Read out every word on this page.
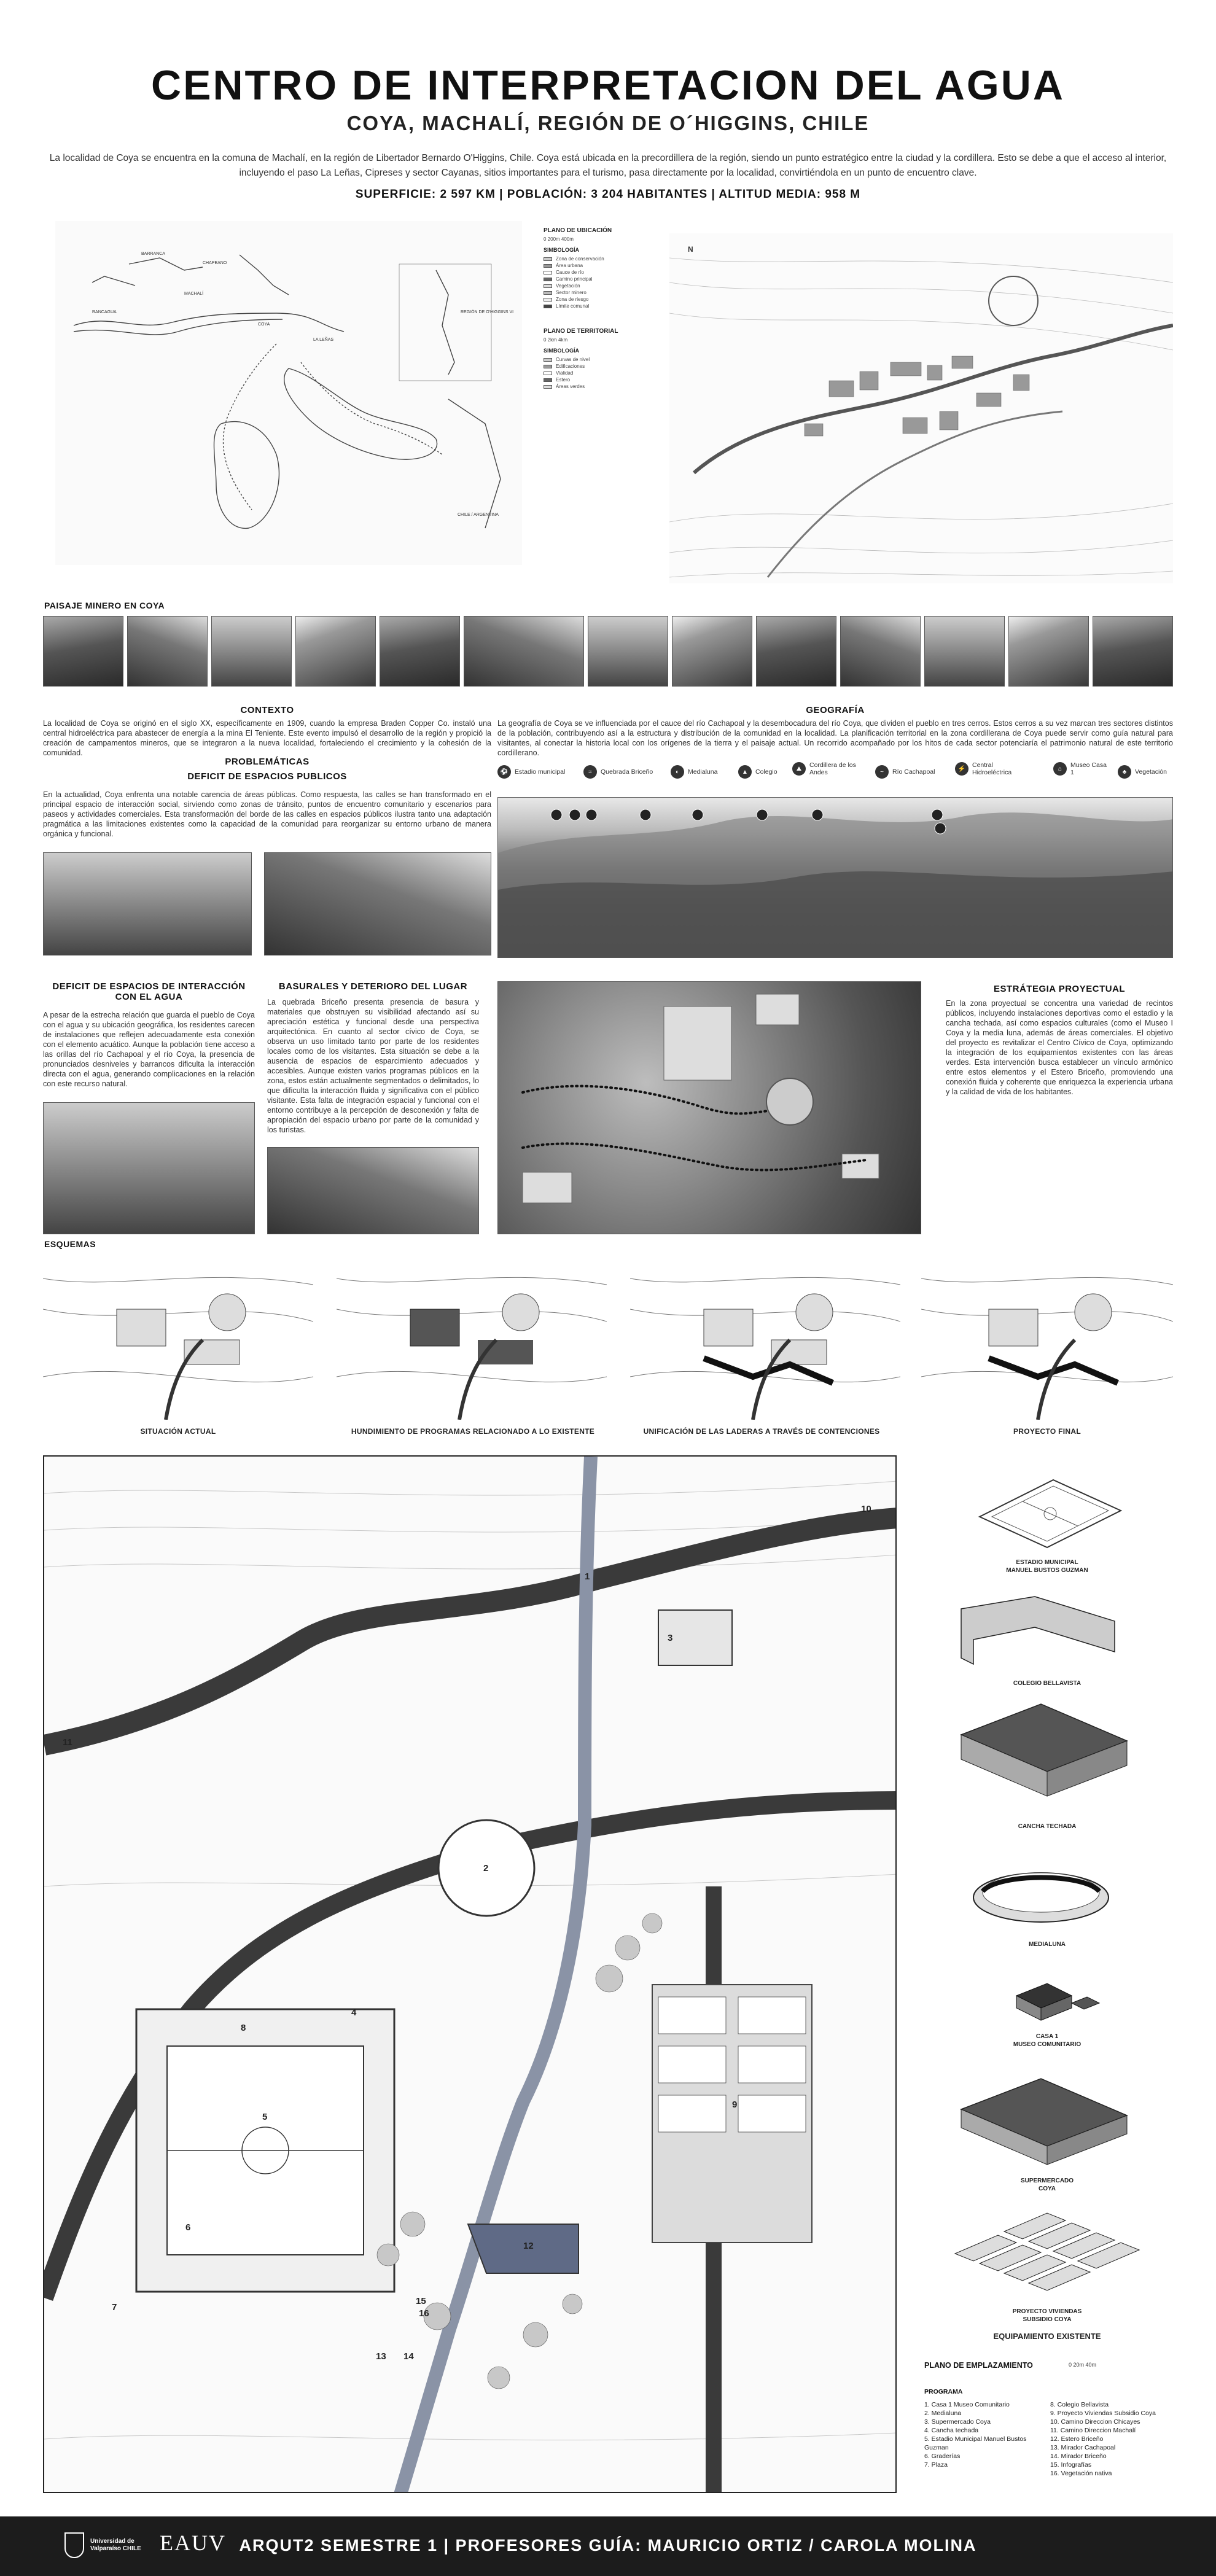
CENTRO DE INTERPRETACION DEL AGUA
COYA, MACHALÍ, REGIÓN DE O´HIGGINS, CHILE
La localidad de Coya se encuentra en la comuna de Machalí, en la región de Libertador Bernardo O'Higgins, Chile. Coya está ubicada en la precordillera de la región, siendo un punto estratégico entre la ciudad y la cordillera. Esto se debe a que el acceso al interior, incluyendo el paso La Leñas, Cipreses y sector Cayanas, sitios importantes para el turismo, pasa directamente por la localidad, convirtiéndola en un punto de encuentro clave.
SUPERFICIE: 2 597 KM | POBLACIÓN: 3 204 HABITANTES | ALTITUD MEDIA: 958 M
RANCAGUA
MACHALÍ
COYA
LA LEÑAS
CHAPEANO
BARRANCA
REGIÓN DE O'HIGGINS VI
CHILE / ARGENTINA
PLANO DE UBICACIÓN
0 200m 400m
SIMBOLOGÍA
Zona de conservación
Área urbana
Cauce de río
Camino principal
Vegetación
Sector minero
Zona de riesgo
Límite comunal
PLANO DE TERRITORIAL
0 2km 4km
SIMBOLOGÍA
Curvas de nivel
Edificaciones
Vialidad
Estero
Áreas verdes
N
PAISAJE MINERO EN COYA
CONTEXTO
La localidad de Coya se originó en el siglo XX, específicamente en 1909, cuando la empresa Braden Copper Co. instaló una central hidroeléctrica para abastecer de energía a la mina El Teniente. Este evento impulsó el desarrollo de la región y propició la creación de campamentos mineros, que se integraron a la nueva localidad, fortaleciendo el crecimiento y la cohesión de la comunidad.
PROBLEMÁTICAS
DEFICIT DE ESPACIOS PUBLICOS
En la actualidad, Coya enfrenta una notable carencia de áreas públicas. Como respuesta, las calles se han transformado en el principal espacio de interacción social, sirviendo como zonas de tránsito, puntos de encuentro comunitario y escenarios para paseos y actividades comerciales. Esta transformación del borde de las calles en espacios públicos ilustra tanto una adaptación pragmática a las limitaciones existentes como la capacidad de la comunidad para reorganizar su entorno urbano de manera orgánica y funcional.
GEOGRAFÍA
La geografía de Coya se ve influenciada por el cauce del río Cachapoal y la desembocadura del río Coya, que dividen el pueblo en tres cerros. Estos cerros a su vez marcan tres sectores distintos de la población, contribuyendo así a la estructura y distribución de la comunidad en la localidad. La planificación territorial en la zona cordillerana de Coya puede servir como guía natural para visitantes, al conectar la historia local con los orígenes de la tierra y el paisaje actual. Un recorrido acompañado por los hitos de cada sector potenciaría el patrimonio natural de este territorio cordillerano.
⚽	Estadio municipal	≈	Quebrada Briceño	◐	Medialuna	▲	Colegio	⛰	Cordillera de los Andes	~	Río Cachapoal	⚡	Central Hidroeléctrica	⌂	Museo Casa 1	♣	Vegetación
DEFICIT DE ESPACIOS DE INTERACCIÓN CON EL AGUA
A pesar de la estrecha relación que guarda el pueblo de Coya con el agua y su ubicación geográfica, los residentes carecen de instalaciones que reflejen adecuadamente esta conexión con el elemento acuático. Aunque la población tiene acceso a las orillas del río Cachapoal y el río Coya, la presencia de pronunciados desniveles y barrancos dificulta la interacción directa con el agua, generando complicaciones en la relación con este recurso natural.
BASURALES Y DETERIORO DEL LUGAR
La quebrada Briceño presenta presencia de basura y materiales que obstruyen su visibilidad afectando así su apreciación estética y funcional desde una perspectiva arquitectónica. En cuanto al sector cívico de Coya, se observa un uso limitado tanto por parte de los residentes locales como de los visitantes. Esta situación se debe a la ausencia de espacios de esparcimiento adecuados y accesibles. Aunque existen varios programas públicos en la zona, estos están actualmente segmentados o delimitados, lo que dificulta la interacción fluida y significativa con el público visitante. Esta falta de integración espacial y funcional con el entorno contribuye a la percepción de desconexión y falta de apropiación del espacio urbano por parte de la comunidad y los turistas.
ESTRÁTEGIA PROYECTUAL
En la zona proyectual se concentra una variedad de recintos públicos, incluyendo instalaciones deportivas como el estadio y la cancha techada, así como espacios culturales (como el Museo I Coya y la media luna, además de áreas comerciales. El objetivo del proyecto es revitalizar el Centro Cívico de Coya, optimizando la integración de los equipamientos existentes con las áreas verdes. Esta intervención busca establecer un vínculo armónico entre estos elementos y el Estero Briceño, promoviendo una conexión fluida y coherente que enriquezca la experiencia urbana y la calidad de vida de los habitantes.
ESQUEMAS
SITUACIÓN ACTUAL	HUNDIMIENTO DE PROGRAMAS RELACIONADO A LO EXISTENTE	UNIFICACIÓN DE LAS LADERAS A TRAVÉS DE CONTENCIONES	PROYECTO FINAL
1
2
3
4
5
6
7
8
9
10
11
12
13 14
15
16
ESTADIO MUNICIPAL
MANUEL BUSTOS GUZMAN
COLEGIO BELLAVISTA
CANCHA TECHADA
MEDIALUNA
CASA 1
MUSEO COMUNITARIO
SUPERMERCADO
COYA
PROYECTO VIVIENDAS
SUBSIDIO COYA
EQUIPAMIENTO EXISTENTE
PLANO DE EMPLAZAMIENTO	0 20m 40m
PROGRAMA
1. Casa 1 Museo Comunitario
2. Medialuna
3. Supermercado Coya
4. Cancha techada
5. Estadio Municipal Manuel Bustos
Guzman
6. Graderías
7. Plaza
8. Colegio Bellavista
9. Proyecto Viviendas Subsidio Coya
10. Camino Direccion Chicayes
11. Camino Direccion Machalí
12. Estero Briceño
13. Mirador Cachapoal
14. Mirador Briceño
15. Infografías
16. Vegetación nativa
Universidad de Valparaíso CHILE EAUV ARQUT2 SEMESTRE 1 | PROFESORES GUÍA: MAURICIO ORTIZ / CAROLA MOLINA
